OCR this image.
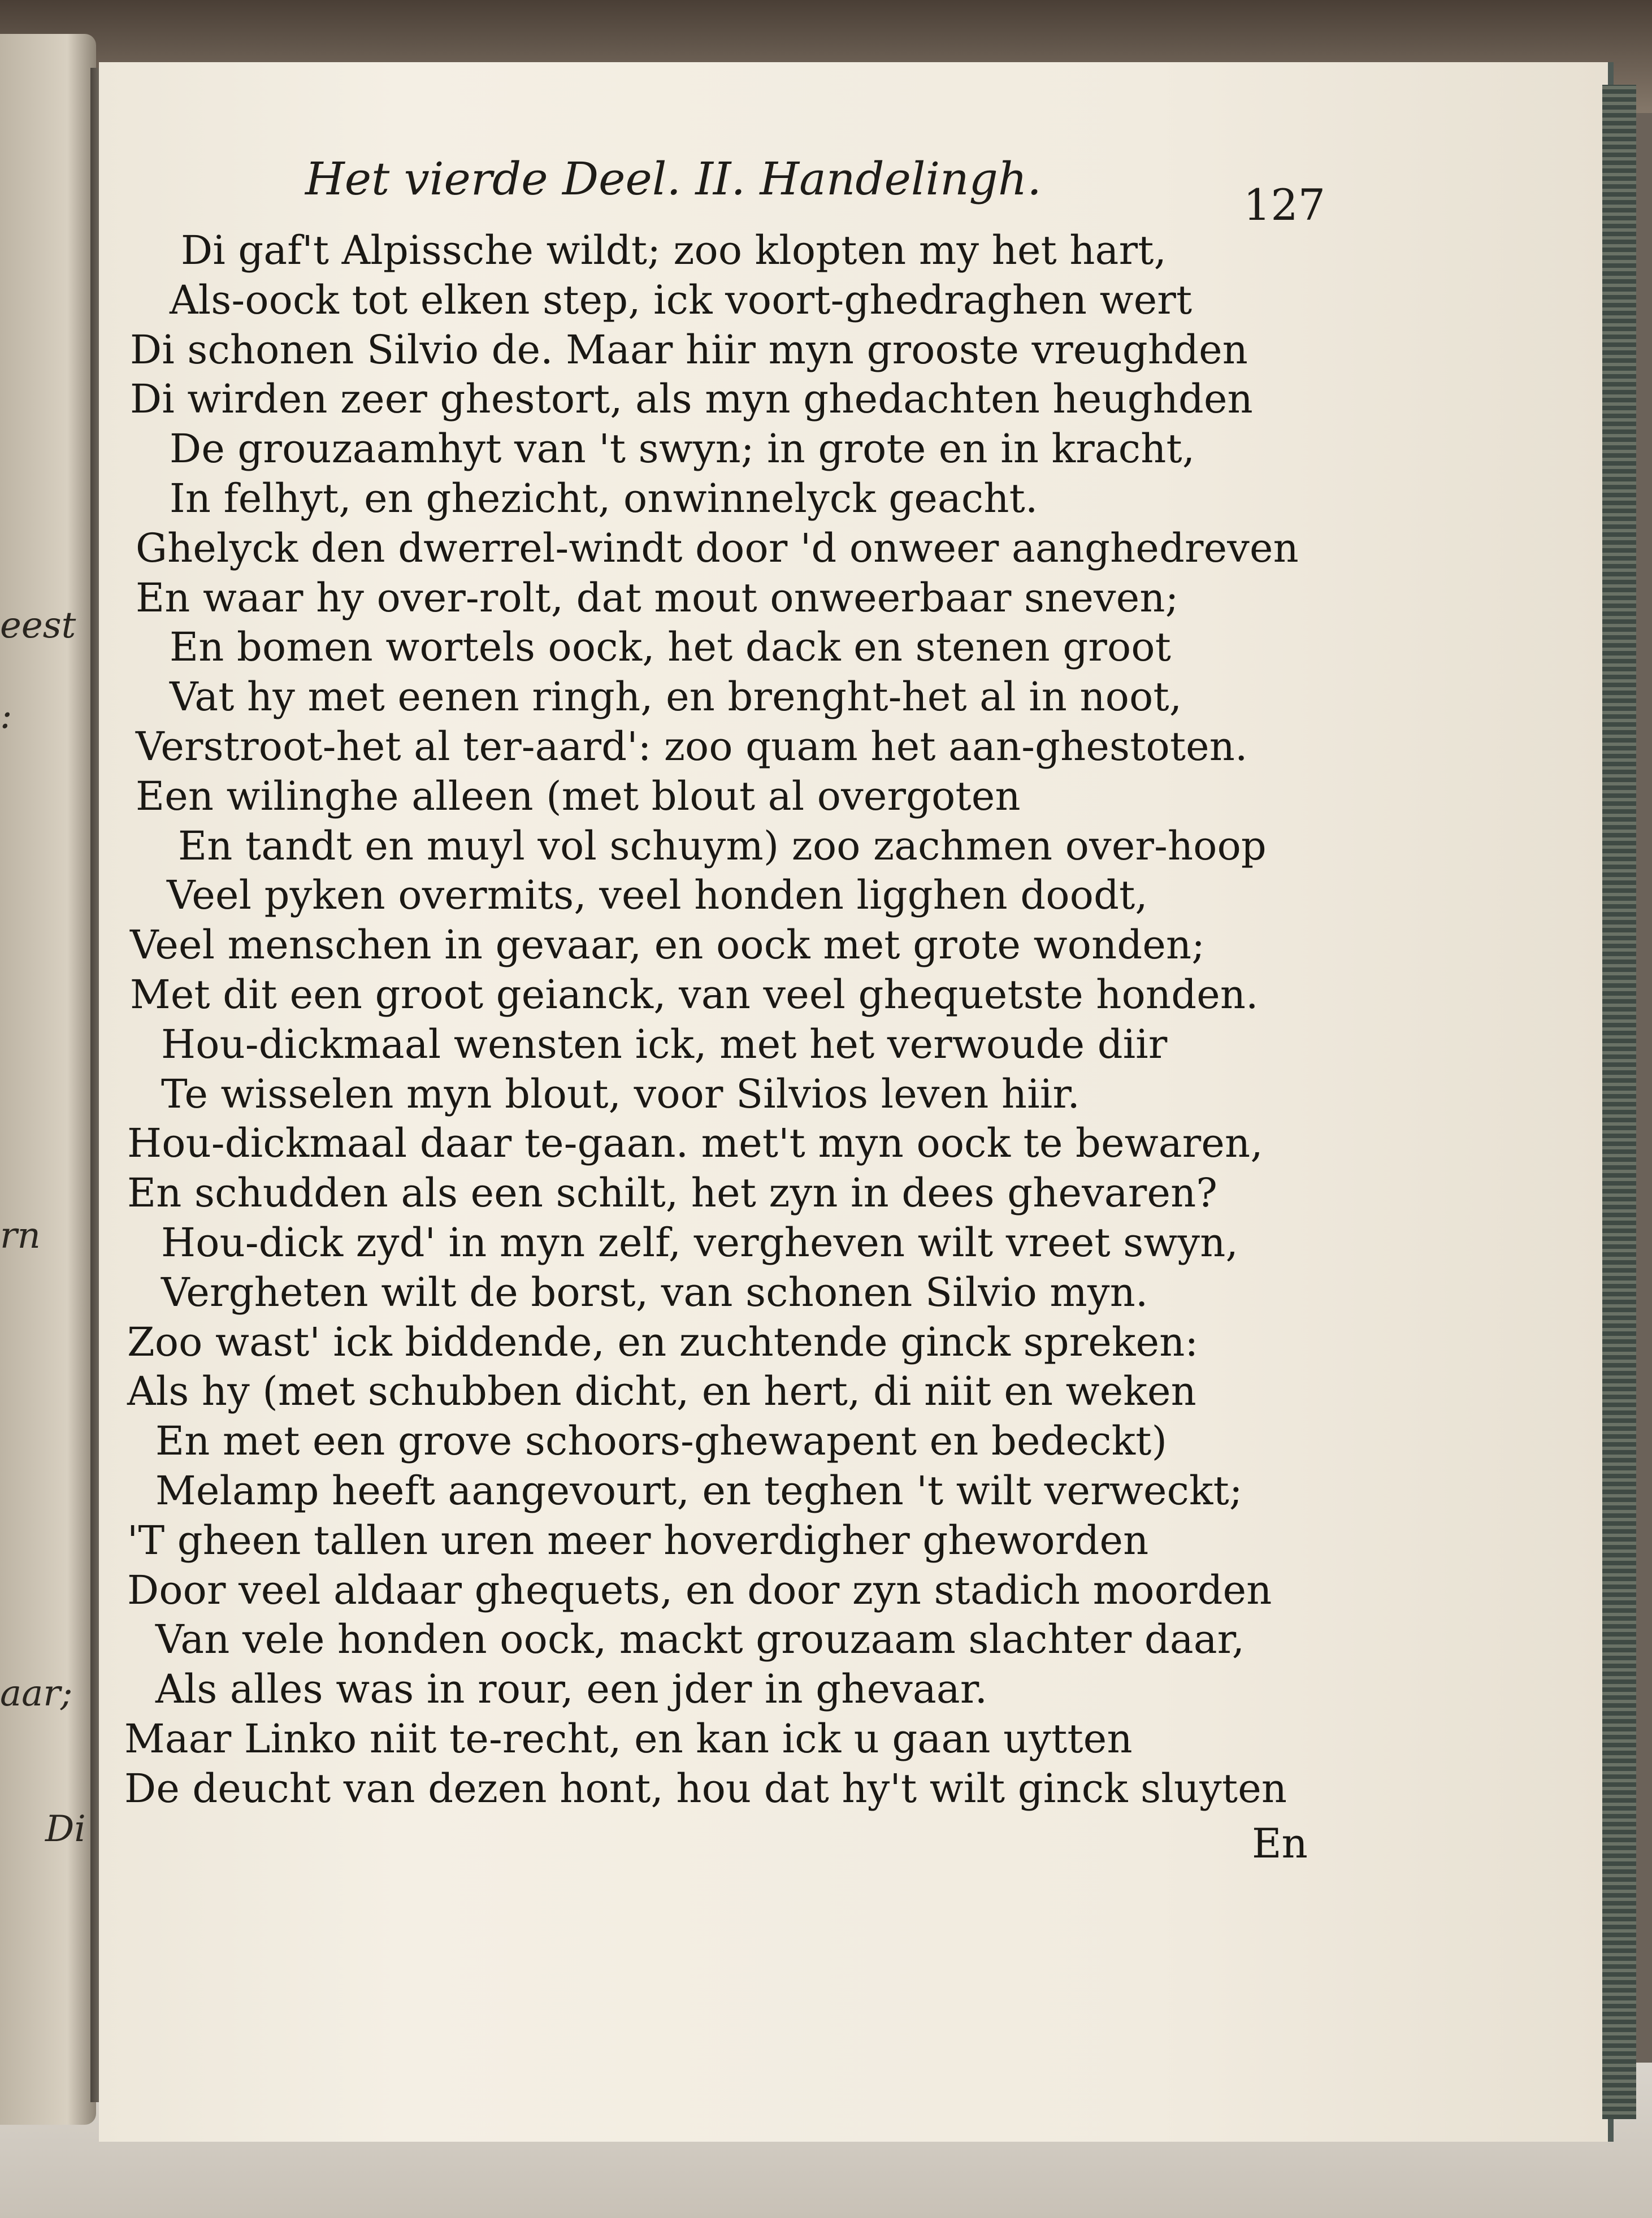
eest
:
rn
aar;
Di
Het vierde Deel. II. Handelingh.	127
Di gaf't Alpissche wildt; zoo klopten my het hart,
Als-oock tot elken step, ick voort-ghedraghen wert
Di schonen Silvio de. Maar hiir myn grooste vreughden
Di wirden zeer ghestort, als myn ghedachten heughden
De grouzaamhyt van 't swyn; in grote en in kracht,
In felhyt, en ghezicht, onwinnelyck geacht.
Ghelyck den dwerrel-windt door 'd onweer aanghedreven
En waar hy over-rolt, dat mout onweerbaar sneven;
En bomen wortels oock, het dack en stenen groot
Vat hy met eenen ringh, en brenght-het al in noot,
Verstroot-het al ter-aard': zoo quam het aan-ghestoten.
Een wilinghe alleen (met blout al overgoten
En tandt en muyl vol schuym) zoo zachmen over-hoop
Veel pyken overmits, veel honden ligghen doodt,
Veel menschen in gevaar, en oock met grote wonden;
Met dit een groot geianck, van veel ghequetste honden.
Hou-dickmaal wensten ick, met het verwoude diir
Te wisselen myn blout, voor Silvios leven hiir.
Hou-dickmaal daar te-gaan. met't myn oock te bewaren,
En schudden als een schilt, het zyn in dees ghevaren?
Hou-dick zyd' in myn zelf, vergheven wilt vreet swyn,
Vergheten wilt de borst, van schonen Silvio myn.
Zoo wast' ick biddende, en zuchtende ginck spreken:
Als hy (met schubben dicht, en hert, di niit en weken
En met een grove schoors-ghewapent en bedeckt)
Melamp heeft aangevourt, en teghen 't wilt verweckt;
'T gheen tallen uren meer hoverdigher gheworden
Door veel aldaar ghequets, en door zyn stadich moorden
Van vele honden oock, mackt grouzaam slachter daar,
Als alles was in rour, een jder in ghevaar.
Maar Linko niit te-recht, en kan ick u gaan uytten
De deucht van dezen hont, hou dat hy't wilt ginck sluyten
En
